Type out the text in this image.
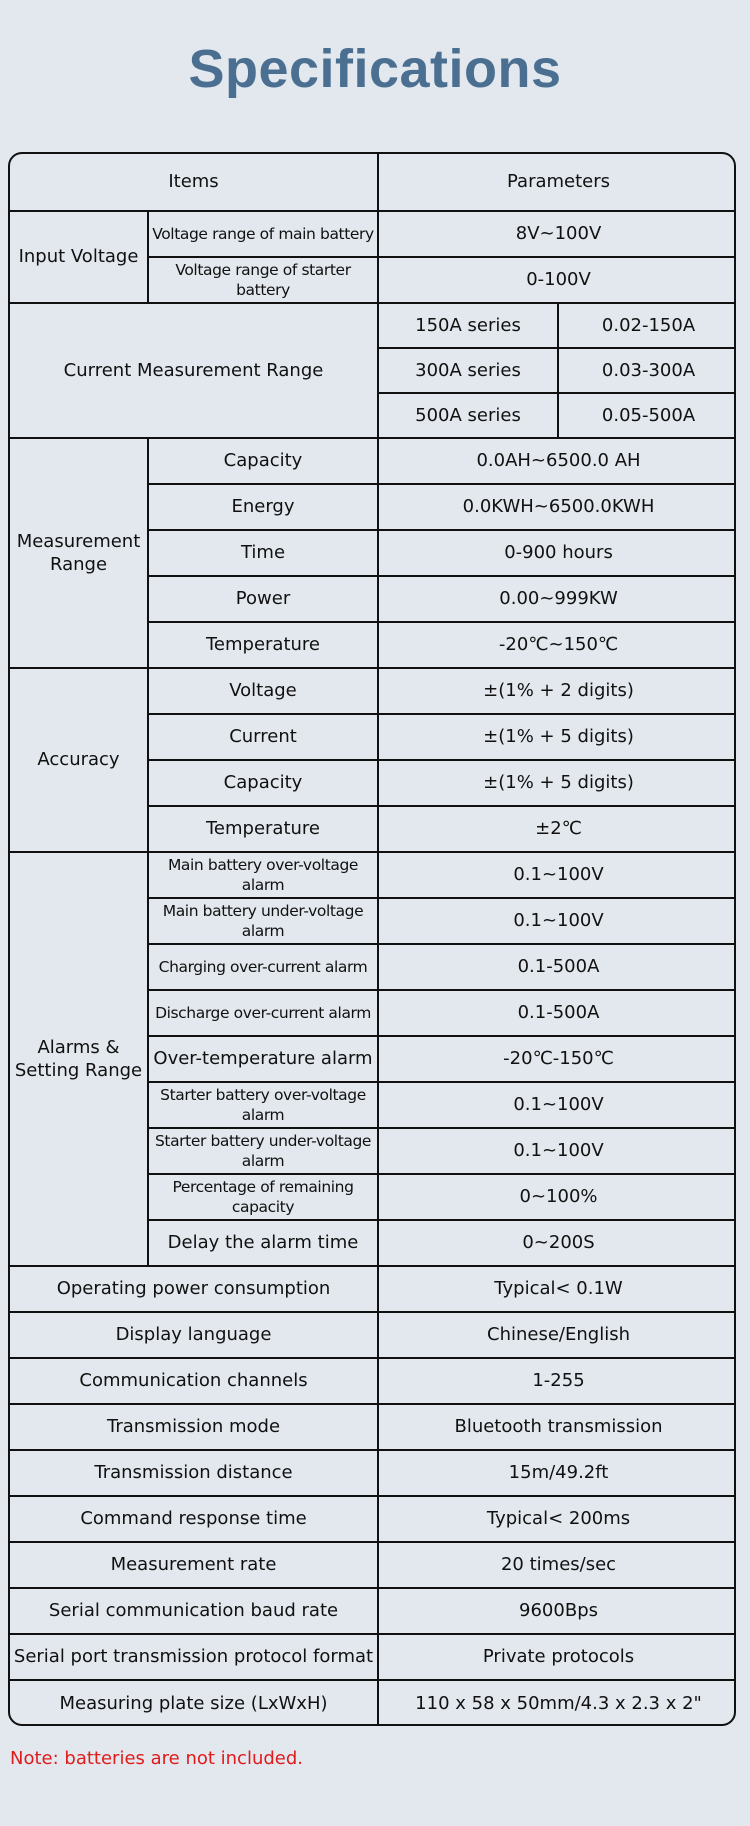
Specifications
Items		Parameters	
Input Voltage	Voltage range of main battery	8V~100V	
	Voltage range of starter battery	0-100V	
Current Measurement Range		150A series	0.02-150A
		300A series	0.03-300A
		500A series	0.05-500A
Measurement Range	Capacity	0.0AH~6500.0 AH	
	Energy	0.0KWH~6500.0KWH	
	Time	0-900 hours	
	Power	0.00~999KW	
	Temperature	-20℃~150℃	
Accuracy	Voltage	±(1% + 2 digits)	
	Current	±(1% + 5 digits)	
	Capacity	±(1% + 5 digits)	
	Temperature	±2℃	
Alarms & Setting Range	Main battery over-voltage alarm	0.1~100V	
	Main battery under-voltage alarm	0.1~100V	
	Charging over-current alarm	0.1-500A	
	Discharge over-current alarm	0.1-500A	
	Over-temperature alarm	-20℃-150℃	
	Starter battery over-voltage alarm	0.1~100V	
	Starter battery under-voltage alarm	0.1~100V	
	Percentage of remaining capacity	0~100%	
	Delay the alarm time	0~200S	
Operating power consumption		Typical< 0.1W	
Display language		Chinese/English	
Communication channels		1-255	
Transmission mode		Bluetooth transmission	
Transmission distance		15m/49.2ft	
Command response time		Typical< 200ms	
Measurement rate		20 times/sec	
Serial communication baud rate		9600Bps	
Serial port transmission protocol format		Private protocols	
Measuring plate size (LxWxH)		110 x 58 x 50mm/4.3 x 2.3 x 2"	
Note: batteries are not included.
